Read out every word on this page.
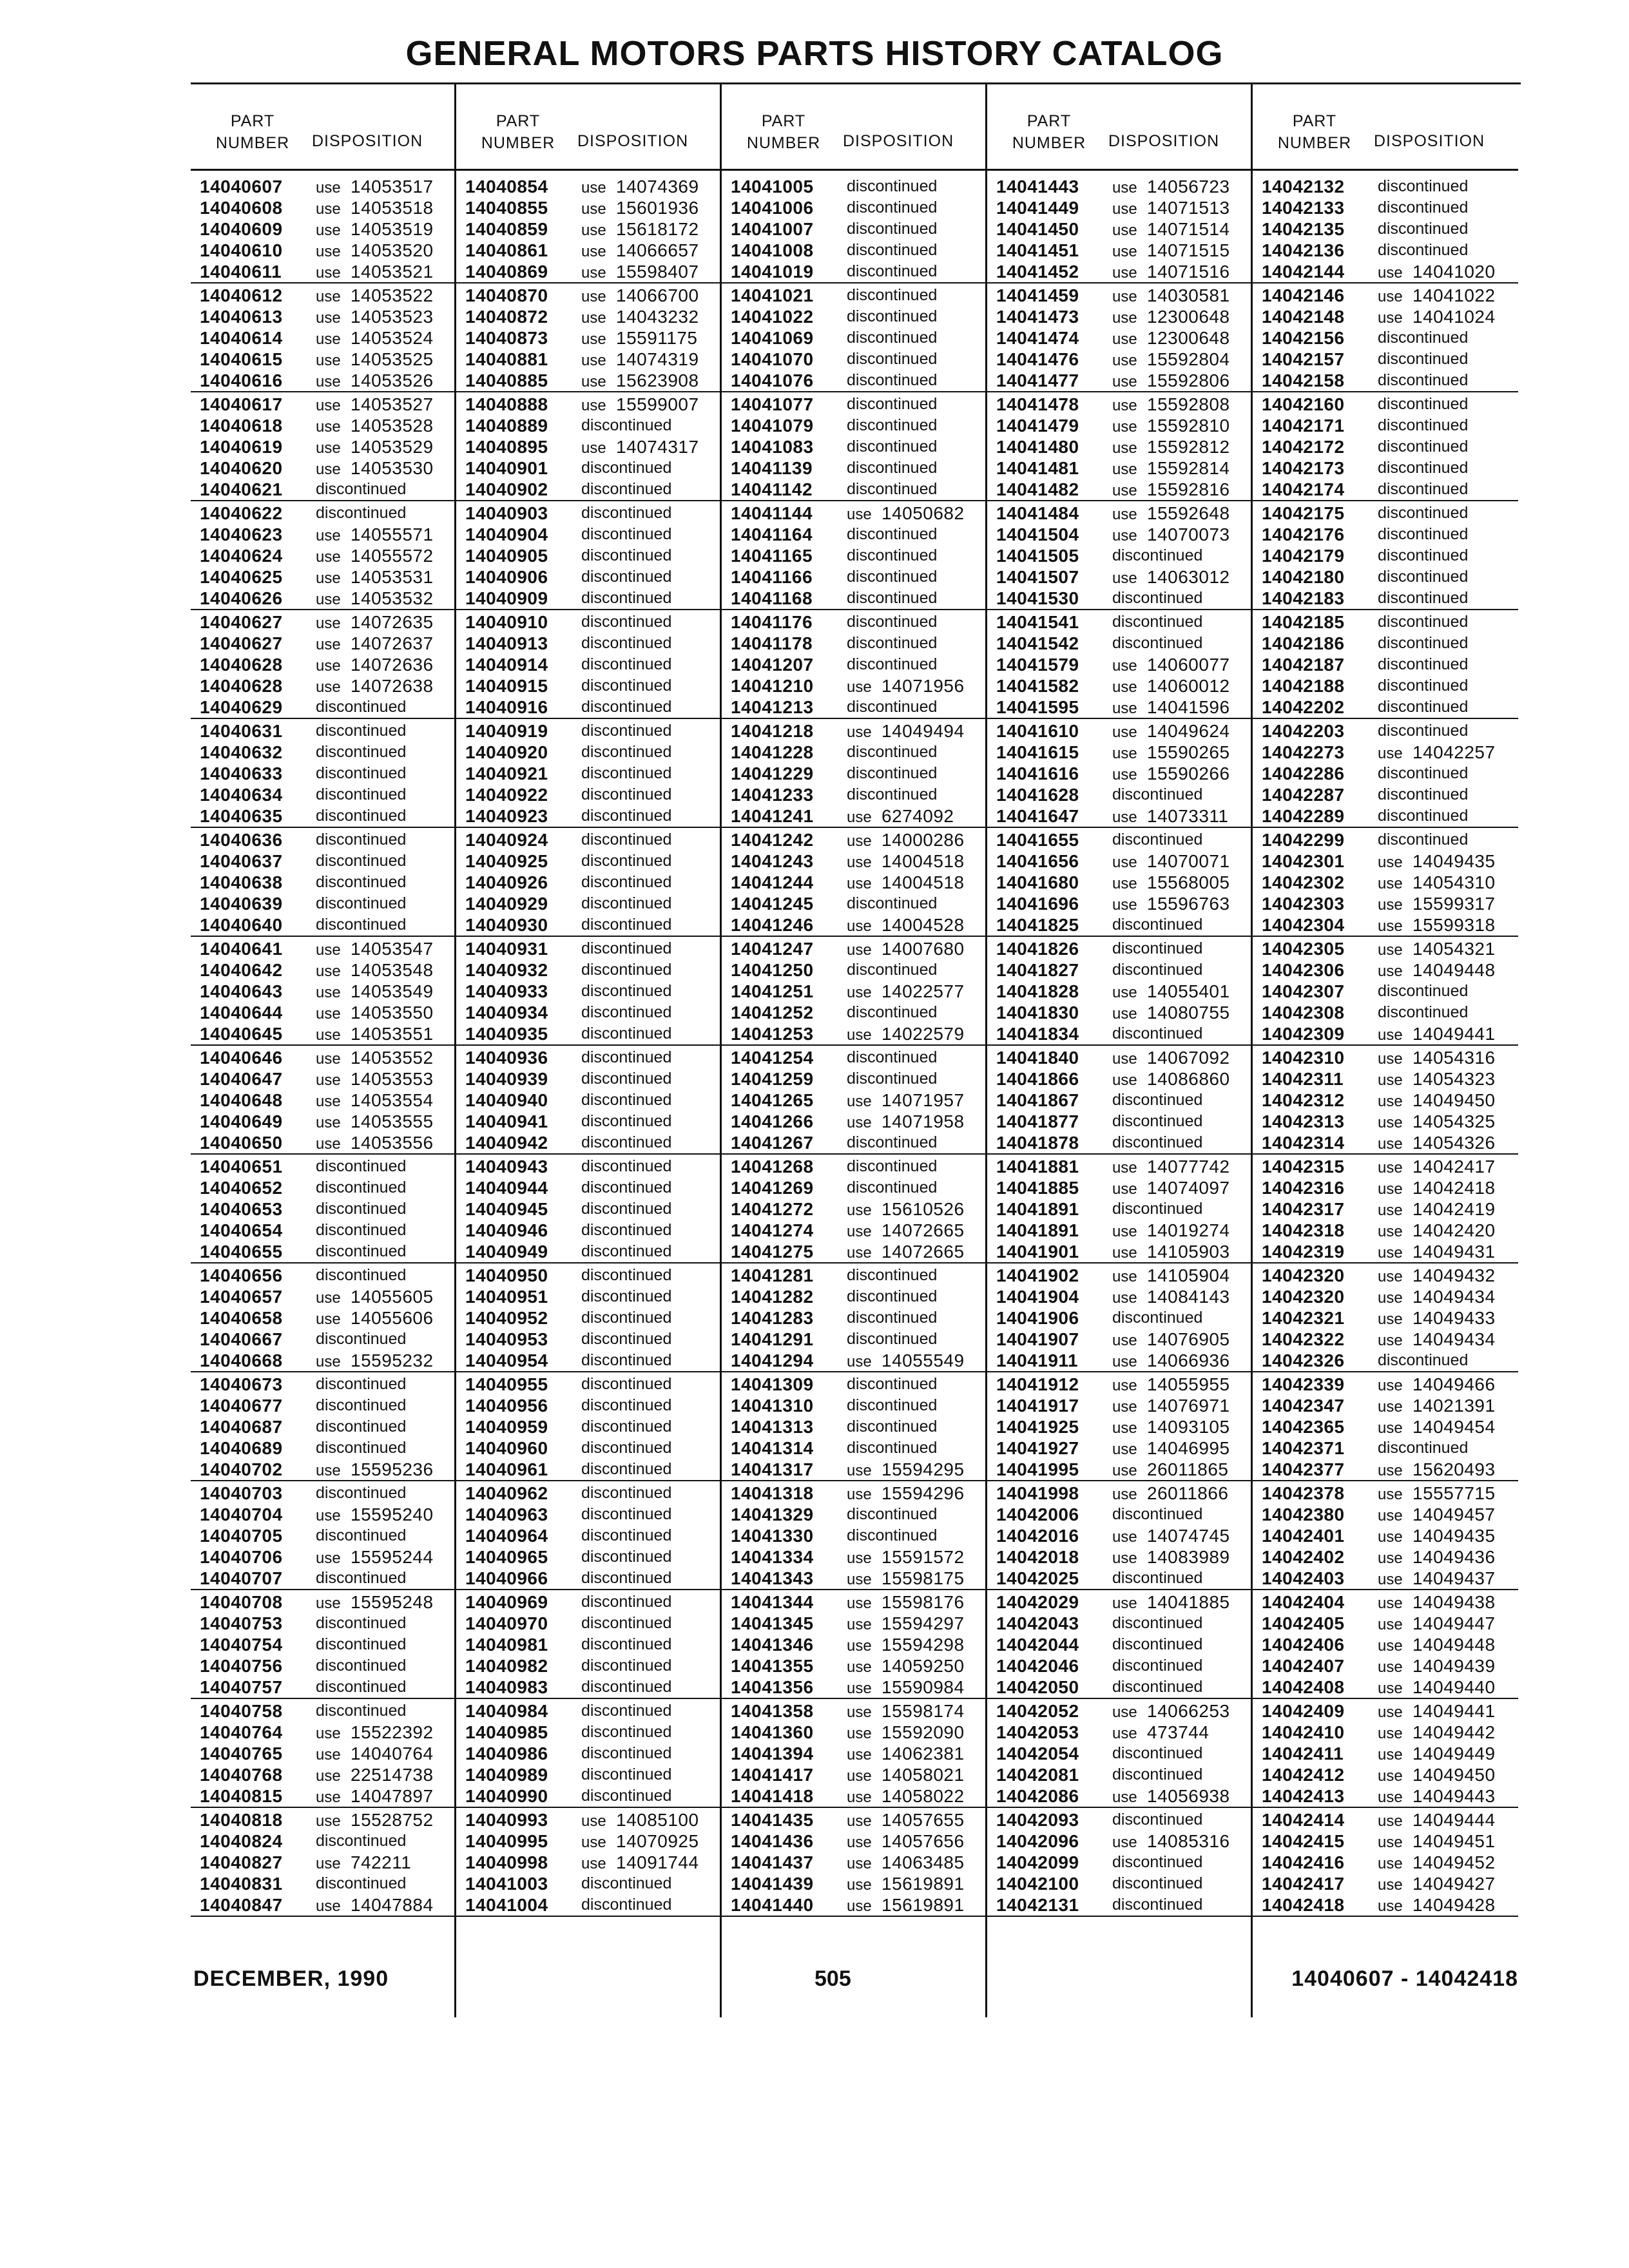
GENERAL MOTORS PARTS HISTORY CATALOG
PART
NUMBER	DISPOSITION
14040607	use 14053517
14040608	use 14053518
14040609	use 14053519
14040610	use 14053520
14040611	use 14053521
14040612	use 14053522
14040613	use 14053523
14040614	use 14053524
14040615	use 14053525
14040616	use 14053526
14040617	use 14053527
14040618	use 14053528
14040619	use 14053529
14040620	use 14053530
14040621	discontinued
14040622	discontinued
14040623	use 14055571
14040624	use 14055572
14040625	use 14053531
14040626	use 14053532
14040627	use 14072635
14040627	use 14072637
14040628	use 14072636
14040628	use 14072638
14040629	discontinued
14040631	discontinued
14040632	discontinued
14040633	discontinued
14040634	discontinued
14040635	discontinued
14040636	discontinued
14040637	discontinued
14040638	discontinued
14040639	discontinued
14040640	discontinued
14040641	use 14053547
14040642	use 14053548
14040643	use 14053549
14040644	use 14053550
14040645	use 14053551
14040646	use 14053552
14040647	use 14053553
14040648	use 14053554
14040649	use 14053555
14040650	use 14053556
14040651	discontinued
14040652	discontinued
14040653	discontinued
14040654	discontinued
14040655	discontinued
14040656	discontinued
14040657	use 14055605
14040658	use 14055606
14040667	discontinued
14040668	use 15595232
14040673	discontinued
14040677	discontinued
14040687	discontinued
14040689	discontinued
14040702	use 15595236
14040703	discontinued
14040704	use 15595240
14040705	discontinued
14040706	use 15595244
14040707	discontinued
14040708	use 15595248
14040753	discontinued
14040754	discontinued
14040756	discontinued
14040757	discontinued
14040758	discontinued
14040764	use 15522392
14040765	use 14040764
14040768	use 22514738
14040815	use 14047897
14040818	use 15528752
14040824	discontinued
14040827	use 742211
14040831	discontinued
14040847	use 14047884
PART
NUMBER	DISPOSITION
14040854	use 14074369
14040855	use 15601936
14040859	use 15618172
14040861	use 14066657
14040869	use 15598407
14040870	use 14066700
14040872	use 14043232
14040873	use 15591175
14040881	use 14074319
14040885	use 15623908
14040888	use 15599007
14040889	discontinued
14040895	use 14074317
14040901	discontinued
14040902	discontinued
14040903	discontinued
14040904	discontinued
14040905	discontinued
14040906	discontinued
14040909	discontinued
14040910	discontinued
14040913	discontinued
14040914	discontinued
14040915	discontinued
14040916	discontinued
14040919	discontinued
14040920	discontinued
14040921	discontinued
14040922	discontinued
14040923	discontinued
14040924	discontinued
14040925	discontinued
14040926	discontinued
14040929	discontinued
14040930	discontinued
14040931	discontinued
14040932	discontinued
14040933	discontinued
14040934	discontinued
14040935	discontinued
14040936	discontinued
14040939	discontinued
14040940	discontinued
14040941	discontinued
14040942	discontinued
14040943	discontinued
14040944	discontinued
14040945	discontinued
14040946	discontinued
14040949	discontinued
14040950	discontinued
14040951	discontinued
14040952	discontinued
14040953	discontinued
14040954	discontinued
14040955	discontinued
14040956	discontinued
14040959	discontinued
14040960	discontinued
14040961	discontinued
14040962	discontinued
14040963	discontinued
14040964	discontinued
14040965	discontinued
14040966	discontinued
14040969	discontinued
14040970	discontinued
14040981	discontinued
14040982	discontinued
14040983	discontinued
14040984	discontinued
14040985	discontinued
14040986	discontinued
14040989	discontinued
14040990	discontinued
14040993	use 14085100
14040995	use 14070925
14040998	use 14091744
14041003	discontinued
14041004	discontinued
PART
NUMBER	DISPOSITION
14041005	discontinued
14041006	discontinued
14041007	discontinued
14041008	discontinued
14041019	discontinued
14041021	discontinued
14041022	discontinued
14041069	discontinued
14041070	discontinued
14041076	discontinued
14041077	discontinued
14041079	discontinued
14041083	discontinued
14041139	discontinued
14041142	discontinued
14041144	use 14050682
14041164	discontinued
14041165	discontinued
14041166	discontinued
14041168	discontinued
14041176	discontinued
14041178	discontinued
14041207	discontinued
14041210	use 14071956
14041213	discontinued
14041218	use 14049494
14041228	discontinued
14041229	discontinued
14041233	discontinued
14041241	use 6274092
14041242	use 14000286
14041243	use 14004518
14041244	use 14004518
14041245	discontinued
14041246	use 14004528
14041247	use 14007680
14041250	discontinued
14041251	use 14022577
14041252	discontinued
14041253	use 14022579
14041254	discontinued
14041259	discontinued
14041265	use 14071957
14041266	use 14071958
14041267	discontinued
14041268	discontinued
14041269	discontinued
14041272	use 15610526
14041274	use 14072665
14041275	use 14072665
14041281	discontinued
14041282	discontinued
14041283	discontinued
14041291	discontinued
14041294	use 14055549
14041309	discontinued
14041310	discontinued
14041313	discontinued
14041314	discontinued
14041317	use 15594295
14041318	use 15594296
14041329	discontinued
14041330	discontinued
14041334	use 15591572
14041343	use 15598175
14041344	use 15598176
14041345	use 15594297
14041346	use 15594298
14041355	use 14059250
14041356	use 15590984
14041358	use 15598174
14041360	use 15592090
14041394	use 14062381
14041417	use 14058021
14041418	use 14058022
14041435	use 14057655
14041436	use 14057656
14041437	use 14063485
14041439	use 15619891
14041440	use 15619891
PART
NUMBER	DISPOSITION
14041443	use 14056723
14041449	use 14071513
14041450	use 14071514
14041451	use 14071515
14041452	use 14071516
14041459	use 14030581
14041473	use 12300648
14041474	use 12300648
14041476	use 15592804
14041477	use 15592806
14041478	use 15592808
14041479	use 15592810
14041480	use 15592812
14041481	use 15592814
14041482	use 15592816
14041484	use 15592648
14041504	use 14070073
14041505	discontinued
14041507	use 14063012
14041530	discontinued
14041541	discontinued
14041542	discontinued
14041579	use 14060077
14041582	use 14060012
14041595	use 14041596
14041610	use 14049624
14041615	use 15590265
14041616	use 15590266
14041628	discontinued
14041647	use 14073311
14041655	discontinued
14041656	use 14070071
14041680	use 15568005
14041696	use 15596763
14041825	discontinued
14041826	discontinued
14041827	discontinued
14041828	use 14055401
14041830	use 14080755
14041834	discontinued
14041840	use 14067092
14041866	use 14086860
14041867	discontinued
14041877	discontinued
14041878	discontinued
14041881	use 14077742
14041885	use 14074097
14041891	discontinued
14041891	use 14019274
14041901	use 14105903
14041902	use 14105904
14041904	use 14084143
14041906	discontinued
14041907	use 14076905
14041911	use 14066936
14041912	use 14055955
14041917	use 14076971
14041925	use 14093105
14041927	use 14046995
14041995	use 26011865
14041998	use 26011866
14042006	discontinued
14042016	use 14074745
14042018	use 14083989
14042025	discontinued
14042029	use 14041885
14042043	discontinued
14042044	discontinued
14042046	discontinued
14042050	discontinued
14042052	use 14066253
14042053	use 473744
14042054	discontinued
14042081	discontinued
14042086	use 14056938
14042093	discontinued
14042096	use 14085316
14042099	discontinued
14042100	discontinued
14042131	discontinued
PART
NUMBER	DISPOSITION
14042132	discontinued
14042133	discontinued
14042135	discontinued
14042136	discontinued
14042144	use 14041020
14042146	use 14041022
14042148	use 14041024
14042156	discontinued
14042157	discontinued
14042158	discontinued
14042160	discontinued
14042171	discontinued
14042172	discontinued
14042173	discontinued
14042174	discontinued
14042175	discontinued
14042176	discontinued
14042179	discontinued
14042180	discontinued
14042183	discontinued
14042185	discontinued
14042186	discontinued
14042187	discontinued
14042188	discontinued
14042202	discontinued
14042203	discontinued
14042273	use 14042257
14042286	discontinued
14042287	discontinued
14042289	discontinued
14042299	discontinued
14042301	use 14049435
14042302	use 14054310
14042303	use 15599317
14042304	use 15599318
14042305	use 14054321
14042306	use 14049448
14042307	discontinued
14042308	discontinued
14042309	use 14049441
14042310	use 14054316
14042311	use 14054323
14042312	use 14049450
14042313	use 14054325
14042314	use 14054326
14042315	use 14042417
14042316	use 14042418
14042317	use 14042419
14042318	use 14042420
14042319	use 14049431
14042320	use 14049432
14042320	use 14049434
14042321	use 14049433
14042322	use 14049434
14042326	discontinued
14042339	use 14049466
14042347	use 14021391
14042365	use 14049454
14042371	discontinued
14042377	use 15620493
14042378	use 15557715
14042380	use 14049457
14042401	use 14049435
14042402	use 14049436
14042403	use 14049437
14042404	use 14049438
14042405	use 14049447
14042406	use 14049448
14042407	use 14049439
14042408	use 14049440
14042409	use 14049441
14042410	use 14049442
14042411	use 14049449
14042412	use 14049450
14042413	use 14049443
14042414	use 14049444
14042415	use 14049451
14042416	use 14049452
14042417	use 14049427
14042418	use 14049428
DECEMBER, 1990	505	14040607 - 14042418
